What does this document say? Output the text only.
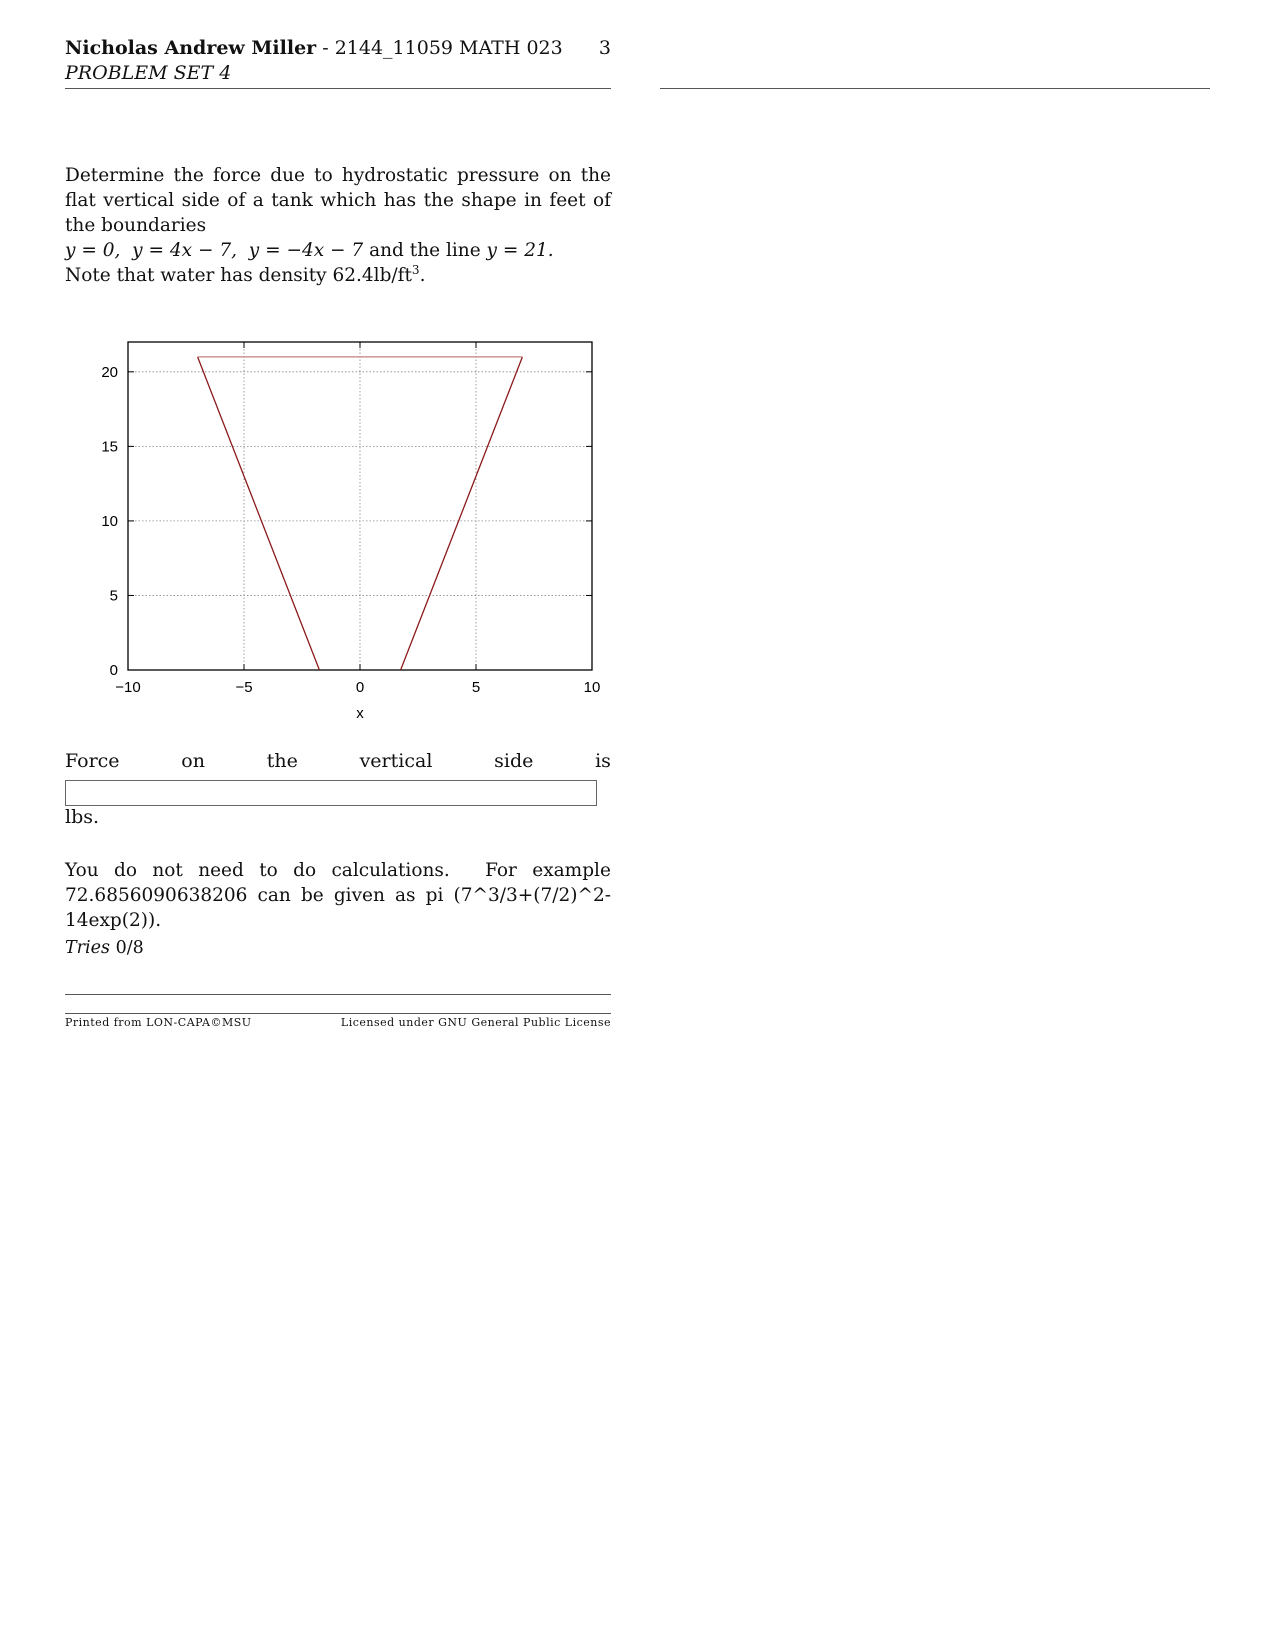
Nicholas Andrew Miller - 2144_11059 MATH 023 3
PROBLEM SET 4
Determine the force due to hydrostatic pressure on the flat vertical side of a tank which has the shape in feet of the boundaries
y = 0, y = 4x − 7, y = −4x − 7 and the line y = 21.
Note that water has density $62.4lb/ft^3$.
−10	−5	0	5	10
0
5
10
15
20
x
Force	on	the	vertical	side	is
lbs.
You do not need to do calculations. For example
72.6856090638206 can be given as pi (7^3/3+(7/2)^2-
14exp(2)).
Tries 0/8
Printed from LON-CAPA©MSU	Licensed under GNU General Public License
